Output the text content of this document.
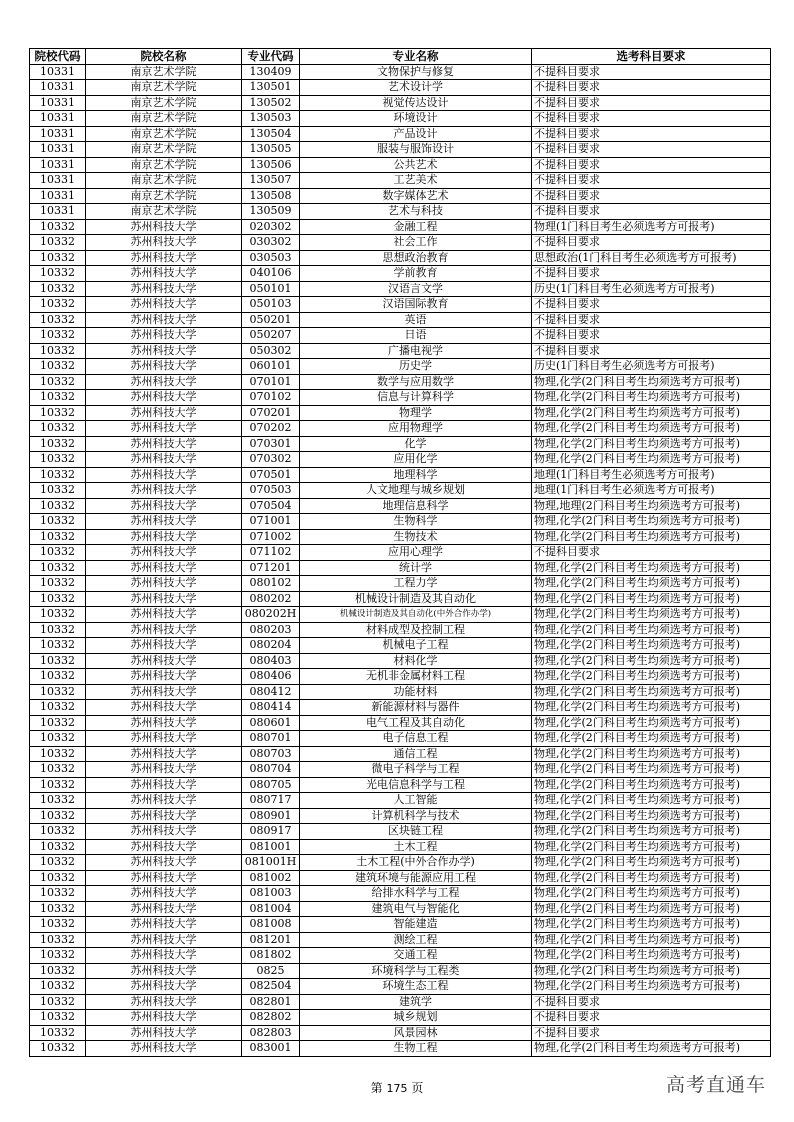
院校代码	院校名称	专业代码	专业名称	选考科目要求
10331	南京艺术学院	130409	文物保护与修复	不提科目要求
10331	南京艺术学院	130501	艺术设计学	不提科目要求
10331	南京艺术学院	130502	视觉传达设计	不提科目要求
10331	南京艺术学院	130503	环境设计	不提科目要求
10331	南京艺术学院	130504	产品设计	不提科目要求
10331	南京艺术学院	130505	服装与服饰设计	不提科目要求
10331	南京艺术学院	130506	公共艺术	不提科目要求
10331	南京艺术学院	130507	工艺美术	不提科目要求
10331	南京艺术学院	130508	数字媒体艺术	不提科目要求
10331	南京艺术学院	130509	艺术与科技	不提科目要求
10332	苏州科技大学	020302	金融工程	物理(1门科目考生必须选考方可报考)
10332	苏州科技大学	030302	社会工作	不提科目要求
10332	苏州科技大学	030503	思想政治教育	思想政治(1门科目考生必须选考方可报考)
10332	苏州科技大学	040106	学前教育	不提科目要求
10332	苏州科技大学	050101	汉语言文学	历史(1门科目考生必须选考方可报考)
10332	苏州科技大学	050103	汉语国际教育	不提科目要求
10332	苏州科技大学	050201	英语	不提科目要求
10332	苏州科技大学	050207	日语	不提科目要求
10332	苏州科技大学	050302	广播电视学	不提科目要求
10332	苏州科技大学	060101	历史学	历史(1门科目考生必须选考方可报考)
10332	苏州科技大学	070101	数学与应用数学	物理,化学(2门科目考生均须选考方可报考)
10332	苏州科技大学	070102	信息与计算科学	物理,化学(2门科目考生均须选考方可报考)
10332	苏州科技大学	070201	物理学	物理,化学(2门科目考生均须选考方可报考)
10332	苏州科技大学	070202	应用物理学	物理,化学(2门科目考生均须选考方可报考)
10332	苏州科技大学	070301	化学	物理,化学(2门科目考生均须选考方可报考)
10332	苏州科技大学	070302	应用化学	物理,化学(2门科目考生均须选考方可报考)
10332	苏州科技大学	070501	地理科学	地理(1门科目考生必须选考方可报考)
10332	苏州科技大学	070503	人文地理与城乡规划	地理(1门科目考生必须选考方可报考)
10332	苏州科技大学	070504	地理信息科学	物理,地理(2门科目考生均须选考方可报考)
10332	苏州科技大学	071001	生物科学	物理,化学(2门科目考生均须选考方可报考)
10332	苏州科技大学	071002	生物技术	物理,化学(2门科目考生均须选考方可报考)
10332	苏州科技大学	071102	应用心理学	不提科目要求
10332	苏州科技大学	071201	统计学	物理,化学(2门科目考生均须选考方可报考)
10332	苏州科技大学	080102	工程力学	物理,化学(2门科目考生均须选考方可报考)
10332	苏州科技大学	080202	机械设计制造及其自动化	物理,化学(2门科目考生均须选考方可报考)
10332	苏州科技大学	080202H	机械设计制造及其自动化(中外合作办学)	物理,化学(2门科目考生均须选考方可报考)
10332	苏州科技大学	080203	材料成型及控制工程	物理,化学(2门科目考生均须选考方可报考)
10332	苏州科技大学	080204	机械电子工程	物理,化学(2门科目考生均须选考方可报考)
10332	苏州科技大学	080403	材料化学	物理,化学(2门科目考生均须选考方可报考)
10332	苏州科技大学	080406	无机非金属材料工程	物理,化学(2门科目考生均须选考方可报考)
10332	苏州科技大学	080412	功能材料	物理,化学(2门科目考生均须选考方可报考)
10332	苏州科技大学	080414	新能源材料与器件	物理,化学(2门科目考生均须选考方可报考)
10332	苏州科技大学	080601	电气工程及其自动化	物理,化学(2门科目考生均须选考方可报考)
10332	苏州科技大学	080701	电子信息工程	物理,化学(2门科目考生均须选考方可报考)
10332	苏州科技大学	080703	通信工程	物理,化学(2门科目考生均须选考方可报考)
10332	苏州科技大学	080704	微电子科学与工程	物理,化学(2门科目考生均须选考方可报考)
10332	苏州科技大学	080705	光电信息科学与工程	物理,化学(2门科目考生均须选考方可报考)
10332	苏州科技大学	080717	人工智能	物理,化学(2门科目考生均须选考方可报考)
10332	苏州科技大学	080901	计算机科学与技术	物理,化学(2门科目考生均须选考方可报考)
10332	苏州科技大学	080917	区块链工程	物理,化学(2门科目考生均须选考方可报考)
10332	苏州科技大学	081001	土木工程	物理,化学(2门科目考生均须选考方可报考)
10332	苏州科技大学	081001H	土木工程(中外合作办学)	物理,化学(2门科目考生均须选考方可报考)
10332	苏州科技大学	081002	建筑环境与能源应用工程	物理,化学(2门科目考生均须选考方可报考)
10332	苏州科技大学	081003	给排水科学与工程	物理,化学(2门科目考生均须选考方可报考)
10332	苏州科技大学	081004	建筑电气与智能化	物理,化学(2门科目考生均须选考方可报考)
10332	苏州科技大学	081008	智能建造	物理,化学(2门科目考生均须选考方可报考)
10332	苏州科技大学	081201	测绘工程	物理,化学(2门科目考生均须选考方可报考)
10332	苏州科技大学	081802	交通工程	物理,化学(2门科目考生均须选考方可报考)
10332	苏州科技大学	0825	环境科学与工程类	物理,化学(2门科目考生均须选考方可报考)
10332	苏州科技大学	082504	环境生态工程	物理,化学(2门科目考生均须选考方可报考)
10332	苏州科技大学	082801	建筑学	不提科目要求
10332	苏州科技大学	082802	城乡规划	不提科目要求
10332	苏州科技大学	082803	风景园林	不提科目要求
10332	苏州科技大学	083001	生物工程	物理,化学(2门科目考生均须选考方可报考)
第 175 页	高考直通车
